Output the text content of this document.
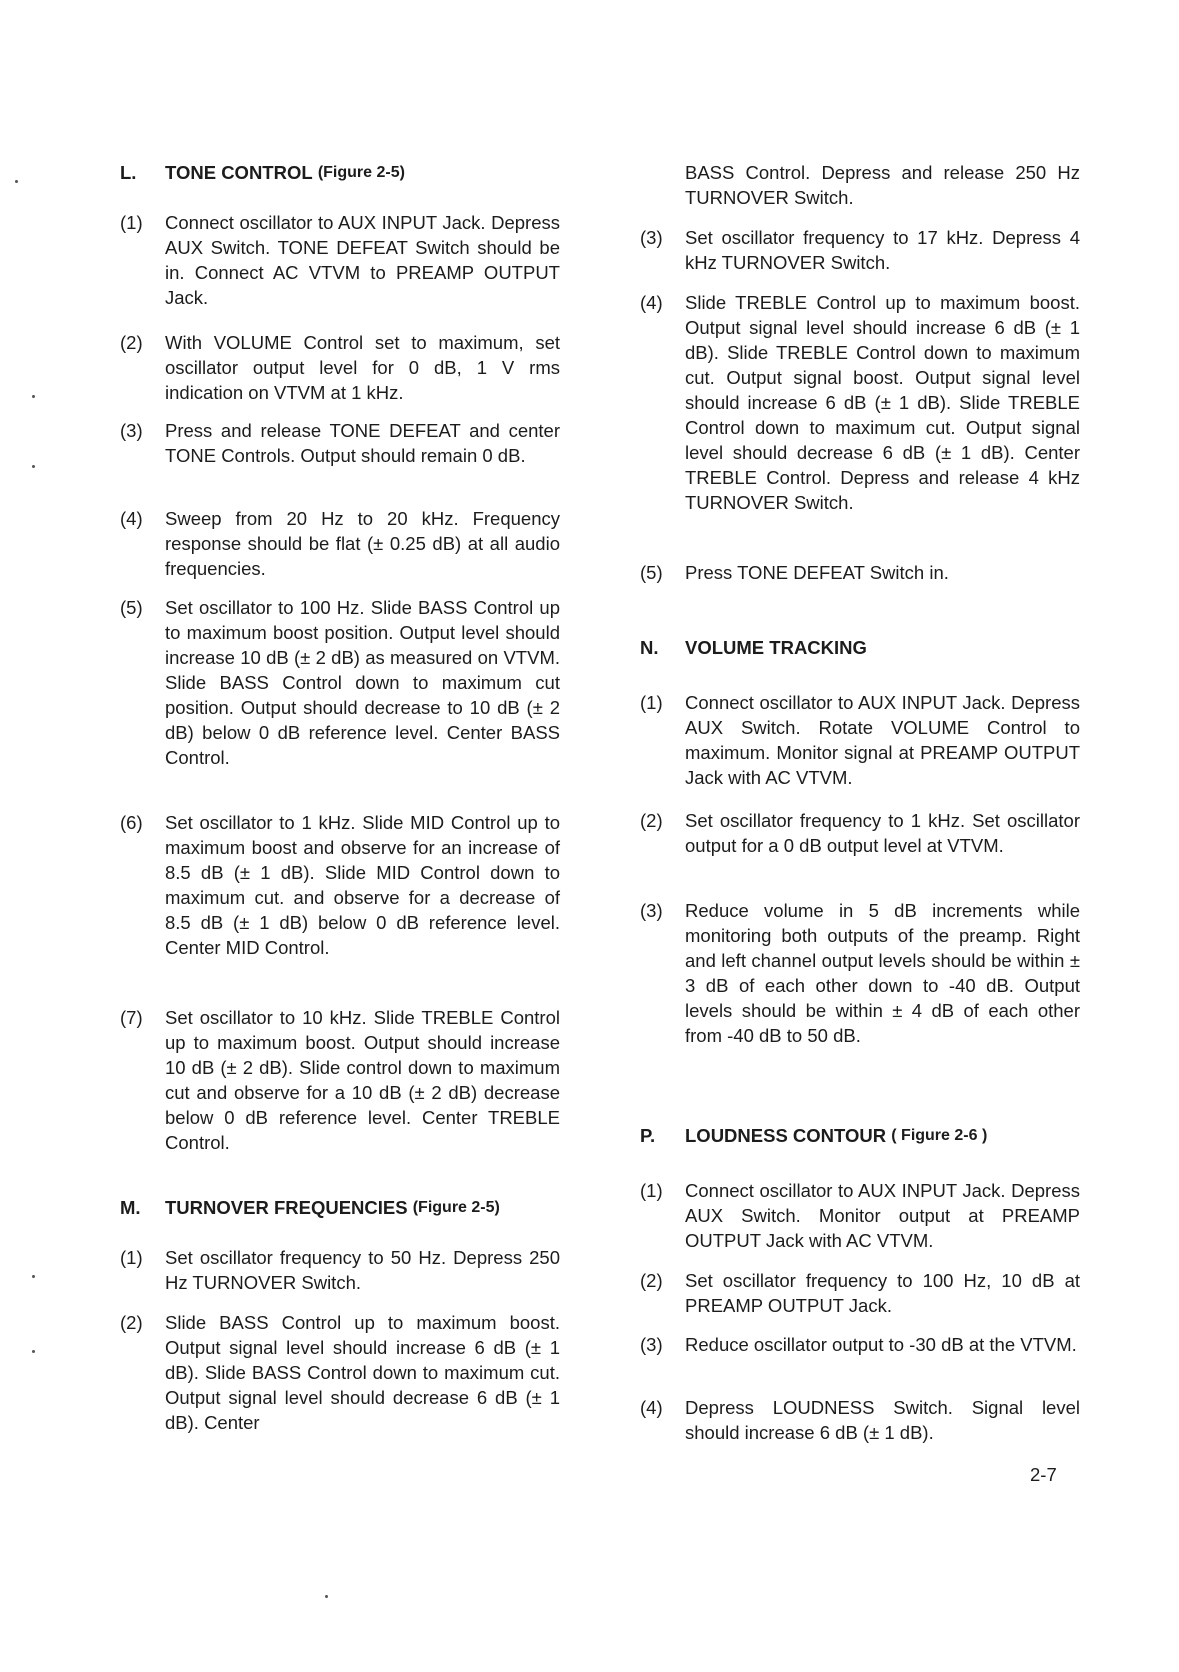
L.	TONE CONTROL
(Figure 2-5)
(1)	Connect oscillator to AUX INPUT Jack. Depress AUX Switch. TONE DEFEAT Switch should be in. Connect AC VTVM to PREAMP OUTPUT Jack.
(2)	With VOLUME Control set to maximum, set oscillator output level for 0 dB, 1 V rms indication on VTVM at 1 kHz.
(3)	Press and release TONE DEFEAT and center TONE Controls. Output should remain 0 dB.
(4)	Sweep from 20 Hz to 20 kHz. Frequency response should be flat (± 0.25 dB) at all audio frequencies.
(5)	Set oscillator to 100 Hz. Slide BASS Control up to maximum boost position. Output level should increase 10 dB (± 2 dB) as measured on VTVM. Slide BASS Control down to maximum cut position. Output should decrease to 10 dB (± 2 dB) below 0 dB reference level. Center BASS Control.
(6)	Set oscillator to 1 kHz. Slide MID Control up to maximum boost and observe for an increase of 8.5 dB (± 1 dB). Slide MID Control down to maximum cut. and observe for a decrease of 8.5 dB (± 1 dB) below 0 dB reference level. Center MID Control.
(7)	Set oscillator to 10 kHz. Slide TREBLE Control up to maximum boost. Output should increase 10 dB (± 2 dB). Slide control down to maximum cut and observe for a 10 dB (± 2 dB) decrease below 0 dB reference level. Center TREBLE Control.
M.	TURNOVER FREQUENCIES
(Figure 2-5)
(1)	Set oscillator frequency to 50 Hz. Depress 250 Hz TURNOVER Switch.
(2)	Slide BASS Control up to maximum boost. Output signal level should increase 6 dB (± 1 dB). Slide BASS Control down to maximum cut. Output signal level should decrease 6 dB (± 1 dB). Center
BASS Control. Depress and release 250 Hz TURNOVER Switch.
(3)	Set oscillator frequency to 17 kHz. Depress 4 kHz TURNOVER Switch.
(4)	Slide TREBLE Control up to maximum boost. Output signal level should increase 6 dB (± 1 dB). Slide TREBLE Control down to maximum cut. Output signal boost. Output signal level should increase 6 dB (± 1 dB). Slide TREBLE Control down to maximum cut. Output signal level should decrease 6 dB (± 1 dB). Center TREBLE Control. Depress and release 4 kHz TURNOVER Switch.
(5)	Press TONE DEFEAT Switch in.
N.	VOLUME TRACKING
(1)	Connect oscillator to AUX INPUT Jack. Depress AUX Switch. Rotate VOLUME Control to maximum. Monitor signal at PREAMP OUTPUT Jack with AC VTVM.
(2)	Set oscillator frequency to 1 kHz. Set oscillator output for a 0 dB output level at VTVM.
(3)	Reduce volume in 5 dB increments while monitoring both outputs of the preamp. Right and left channel output levels should be within ± 3 dB of each other down to -40 dB. Output levels should be within ± 4 dB of each other from -40 dB to 50 dB.
P.	LOUDNESS CONTOUR
( Figure 2-6 )
(1)	Connect oscillator to AUX INPUT Jack. Depress AUX Switch. Monitor output at PREAMP OUTPUT Jack with AC VTVM.
(2)	Set oscillator frequency to 100 Hz, 10 dB at PREAMP OUTPUT Jack.
(3)	Reduce oscillator output to -30 dB at the VTVM.
(4)	Depress LOUDNESS Switch. Signal level should increase 6 dB (± 1 dB).
2-7
